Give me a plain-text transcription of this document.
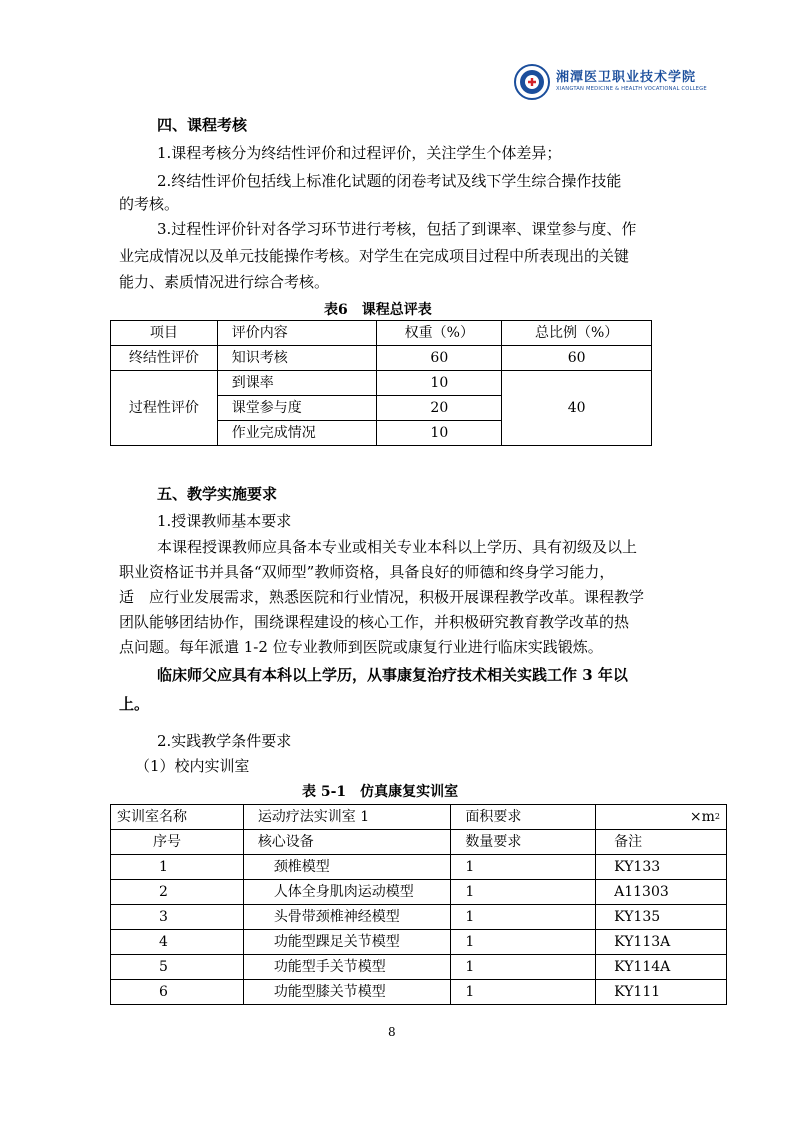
湘潭医卫职业技术学院
XIANGTAN MEDICINE & HEALTH VOCATIONAL COLLEGE
四、课程考核
1.课程考核分为终结性评价和过程评价，关注学生个体差异；
2.终结性评价包括线上标准化试题的闭卷考试及线下学生综合操作技能
的考核。
3.过程性评价针对各学习环节进行考核，包括了到课率、课堂参与度、作
业完成情况以及单元技能操作考核。对学生在完成项目过程中所表现出的关键
能力、素质情况进行综合考核。
表6　课程总评表
项目	评价内容	权重（%）	总比例（%）
终结性评价	知识考核	60	60
过程性评价	到课率	10	40
	课堂参与度	20	
	作业完成情况	10	
五、教学实施要求
1.授课教师基本要求
本课程授课教师应具备本专业或相关专业本科以上学历、具有初级及以上
职业资格证书并具备“双师型”教师资格，具备良好的师德和终身学习能力，
适　应行业发展需求，熟悉医院和行业情况，积极开展课程教学改革。课程教学
团队能够团结协作，围绕课程建设的核心工作，并积极研究教育教学改革的热
点问题。每年派遣 1-2 位专业教师到医院或康复行业进行临床实践锻炼。
临床师父应具有本科以上学历，从事康复治疗技术相关实践工作 3 年以
上。
2.实践教学条件要求
（1）校内实训室
表 5-1　仿真康复实训室
实训室名称	运动疗法实训室 1	面积要求	$\times m^2$
序号	核心设备	数量要求	备注
1	颈椎模型	1	KY133
2	人体全身肌肉运动模型	1	A11303
3	头骨带颈椎神经模型	1	KY135
4	功能型踝足关节模型	1	KY113A
5	功能型手关节模型	1	KY114A
6	功能型膝关节模型	1	KY111
8
